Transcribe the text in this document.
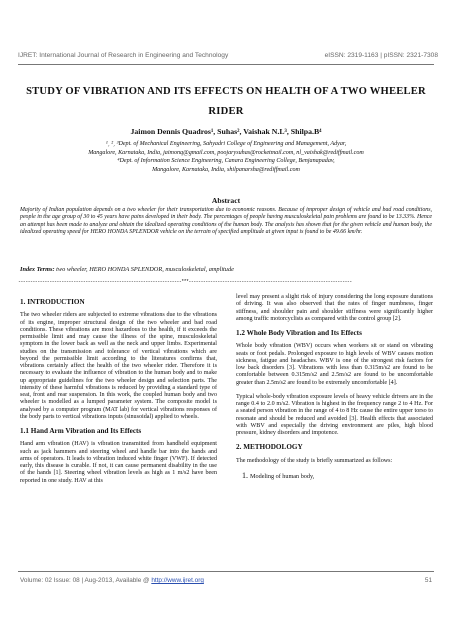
IJRET: International Journal of Research in Engineering and Technology	eISSN: 2319-1163 | pISSN: 2321-7308
STUDY OF VIBRATION AND ITS EFFECTS ON HEALTH OF A TWO WHEELER RIDER
Jaimon Dennis Quadros¹, Suhas², Vaishak N.L³, Shilpa.B⁴
¹ˏ ²ˏ ³Dept. of Mechanical Engineering, Sahyadri College of Engineering and Management, Adyar,
Mangalore, Karnataka, India, jaimonq@gmail.com, poojarysuhas@rocketmail.com, nl_vaishak@rediffmail.com
⁴Dept. of Information Science Engineering, Canara Engineering College, Benjanapadav,
Mangalore, Karnataka, India, shilpanarsha@rediffmail.com
Abstract
Majority of Indian population depends on a two wheeler for their transportation due to economic reasons. Because of improper design of vehicle and bad road conditions, people in the age group of 30 to 45 years have pains developed in their body. The percentages of people having musculoskeletal pain problems are found to be 13.33%. Hence an attempt has been made to analyze and obtain the idealized operating conditions of the human body. The analysis has shown that for the given vehicle and human body, the idealized operating speed for HERO HONDA SPLENDOR vehicle on the terrain of specified amplitude at given input is found to be 49.66 km/hr.
Index Terms: two wheeler, HERO HONDA SPLENDOR, musculoskeletal, amplitude
--------------------------------------------------------------------***--------------------------------------------------------------------
1. INTRODUCTION

The two wheeler riders are subjected to extreme vibrations due to the vibrations of its engine, improper structural design of the two wheeler and bad road conditions. These vibrations are most hazardous to the health, if it exceeds the permissible limit and may cause the illness of the spine, musculoskeletal symptom in the lower back as well as the neck and upper limbs. Experimental studies on the transmission and tolerance of vertical vibrations which are beyond the permissible limit according to the literatures confirms that, vibrations certainly affect the health of the two wheeler rider. Therefore it is necessary to evaluate the influence of vibration to the human body and to make up appropriate guidelines for the two wheeler design and selection parts. The intensity of these harmful vibrations is reduced by providing a standard type of seat, front and rear suspension. In this work, the coupled human body and two wheeler is modelled as a lumped parameter system. The composite model is analysed by a computer program (MAT lab) for vertical vibrations responses of the body parts to vertical vibrations inputs (sinusoidal) applied to wheels.

1.1 Hand Arm Vibration and Its Effects

Hand arm vibration (HAV) is vibration transmitted from handheld equipment such as jack hammers and steering wheel and handle bar into the hands and arms of operators. It leads to vibration induced white finger (VWF). If detected early, this disease is curable. If not, it can cause permanent disability in the use of the hands [1]. Steering wheel vibration levels as high as 1 m/s2 have been reported in one study. HAV at this

level may present a slight risk of injury considering the long exposure durations of driving. It was also observed that the rates of finger numbness, finger stiffness, and shoulder pain and shoulder stiffness were significantly higher among traffic motorcyclists as compared with the control group [2].

1.2 Whole Body Vibration and Its Effects

Whole body vibration (WBV) occurs when workers sit or stand on vibrating seats or foot pedals. Prolonged exposure to high levels of WBV causes motion sickness, fatigue and headaches. WBV is one of the strongest risk factors for low back disorders [3]. Vibrations with less than 0.315m/s2 are found to be comfortable between 0.315m/s2 and 2.5m/s2 are found to be uncomfortable greater than 2.5m/s2 are found to be extremely uncomfortable [4].

Typical whole-body vibration exposure levels of heavy vehicle drivers are in the range 0.4 to 2.0 m/s2. Vibration is highest in the frequency range 2 to 4 Hz. For a seated person vibration in the range of 4 to 8 Hz cause the entire upper torso to resonate and should be reduced and avoided [3]. Health effects that associated with WBV and especially the driving environment are piles, high blood pressure, kidney disorders and impotence.

2. METHODOLOGY

The methodology of the study is briefly summarized as follows:

1. Modeling of human body,
Volume: 02 Issue: 08 | Aug-2013, Available @ http://www.ijret.org	51
